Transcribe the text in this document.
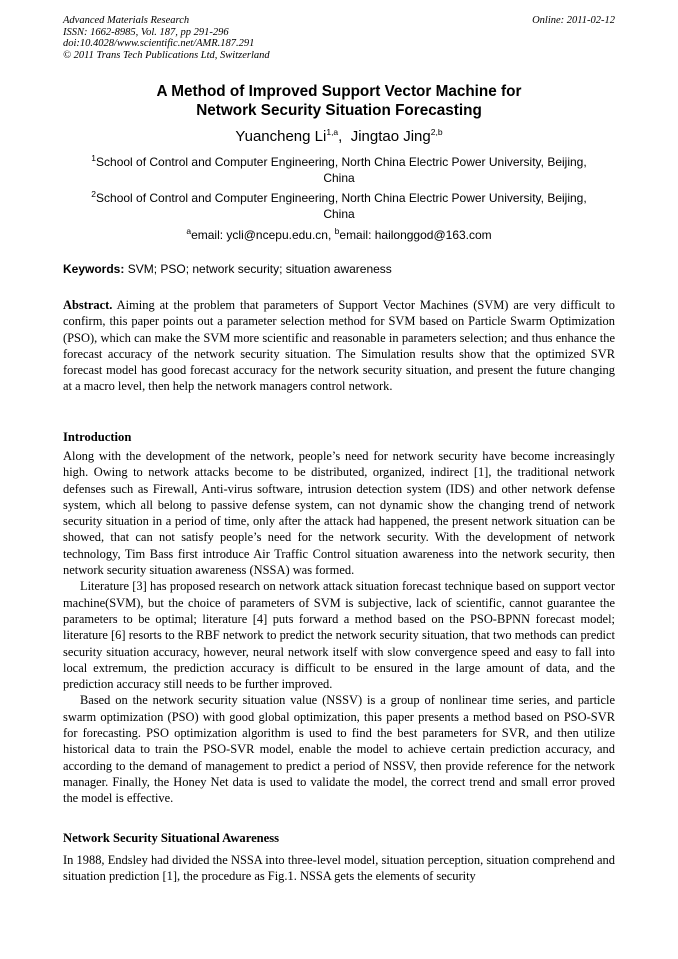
Advanced Materials Research
ISSN: 1662-8985, Vol. 187, pp 291-296
doi:10.4028/www.scientific.net/AMR.187.291
© 2011 Trans Tech Publications Ltd, Switzerland
Online: 2011-02-12
A Method of Improved Support Vector Machine for
Network Security Situation Forecasting
Yuancheng Li$^{1,a}$,  Jingtao Jing$^{2,b}$
$^1$School of Control and Computer Engineering, North China Electric Power University, Beijing,
China
$^2$School of Control and Computer Engineering, North China Electric Power University, Beijing,
China
$^a$email: ycli@ncepu.edu.cn, $^b$email: hailonggod@163.com
Keywords: SVM; PSO; network security; situation awareness

Abstract. Aiming at the problem that parameters of Support Vector Machines (SVM) are very difficult to confirm, this paper points out a parameter selection method for SVM based on Particle Swarm Optimization (PSO), which can make the SVM more scientific and reasonable in parameters selection; and thus enhance the forecast accuracy of the network security situation. The Simulation results show that the optimized SVR forecast model has good forecast accuracy for the network security situation, and present the future changing at a macro level, then help the network managers control network.

Introduction

Along with the development of the network, people’s need for network security have become increasingly high. Owing to network attacks become to be distributed, organized, indirect [1], the traditional network defenses such as Firewall, Anti-virus software, intrusion detection system (IDS) and other network defense system, which all belong to passive defense system, can not dynamic show the changing trend of network security situation in a period of time, only after the attack had happened, the present network situation can be showed, that can not satisfy people’s need for the network security. With the development of network technology, Tim Bass first introduce Air Traffic Control situation awareness into the network security, then network security situation awareness (NSSA) was formed.

Literature [3] has proposed research on network attack situation forecast technique based on support vector machine(SVM), but the choice of parameters of SVM is subjective, lack of scientific, cannot guarantee the parameters to be optimal; literature [4] puts forward a method based on the PSO-BPNN forecast model; literature [6] resorts to the RBF network to predict the network security situation, that two methods can predict security situation accuracy, however, neural network itself with slow convergence speed and easy to fall into local extremum, the prediction accuracy is difficult to be ensured in the large amount of data, and the prediction accuracy still needs to be further improved.

Based on the network security situation value (NSSV) is a group of nonlinear time series, and particle swarm optimization (PSO) with good global optimization, this paper presents a method based on PSO-SVR for forecasting. PSO optimization algorithm is used to find the best parameters for SVR, and then utilize historical data to train the PSO-SVR model, enable the model to achieve certain prediction accuracy, and according to the demand of management to predict a period of NSSV, then provide reference for the network manager. Finally, the Honey Net data is used to validate the model, the correct trend and small error proved the model is effective.

Network Security Situational Awareness

In 1988, Endsley had divided the NSSA into three-level model, situation perception, situation comprehend and situation prediction [1], the procedure as Fig.1. NSSA gets the elements of security
